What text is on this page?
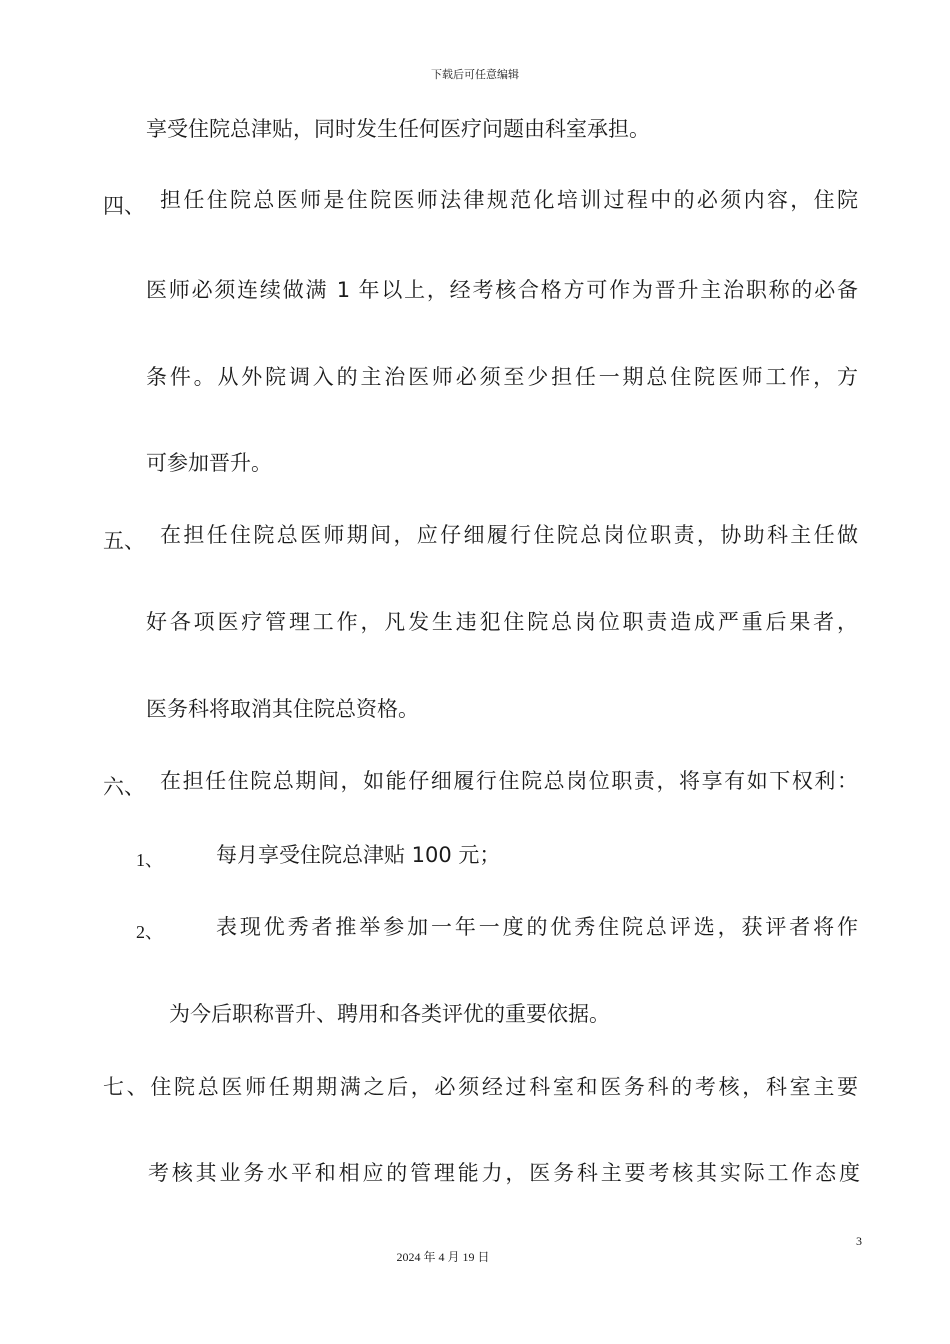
下载后可任意编辑
享受住院总津贴，同时发生任何医疗问题由科室承担。
四、 担任住院总医师是住院医师法律规范化培训过程中的必须内容，住院
医师必须连续做满 1 年以上，经考核合格方可作为晋升主治职称的必备
条件。从外院调入的主治医师必须至少担任一期总住院医师工作，方
可参加晋升。
五、 在担任住院总医师期间，应仔细履行住院总岗位职责，协助科主任做
好各项医疗管理工作，凡发生违犯住院总岗位职责造成严重后果者，
医务科将取消其住院总资格。
六、 在担任住院总期间，如能仔细履行住院总岗位职责，将享有如下权利：
1、	每月享受住院总津贴 100 元；
2、	表现优秀者推举参加一年一度的优秀住院总评选，获评者将作
为今后职称晋升、聘用和各类评优的重要依据。
七、住院总医师任期期满之后，必须经过科室和医务科的考核，科室主要
考核其业务水平和相应的管理能力，医务科主要考核其实际工作态度
3
2024 年 4 月 19 日
